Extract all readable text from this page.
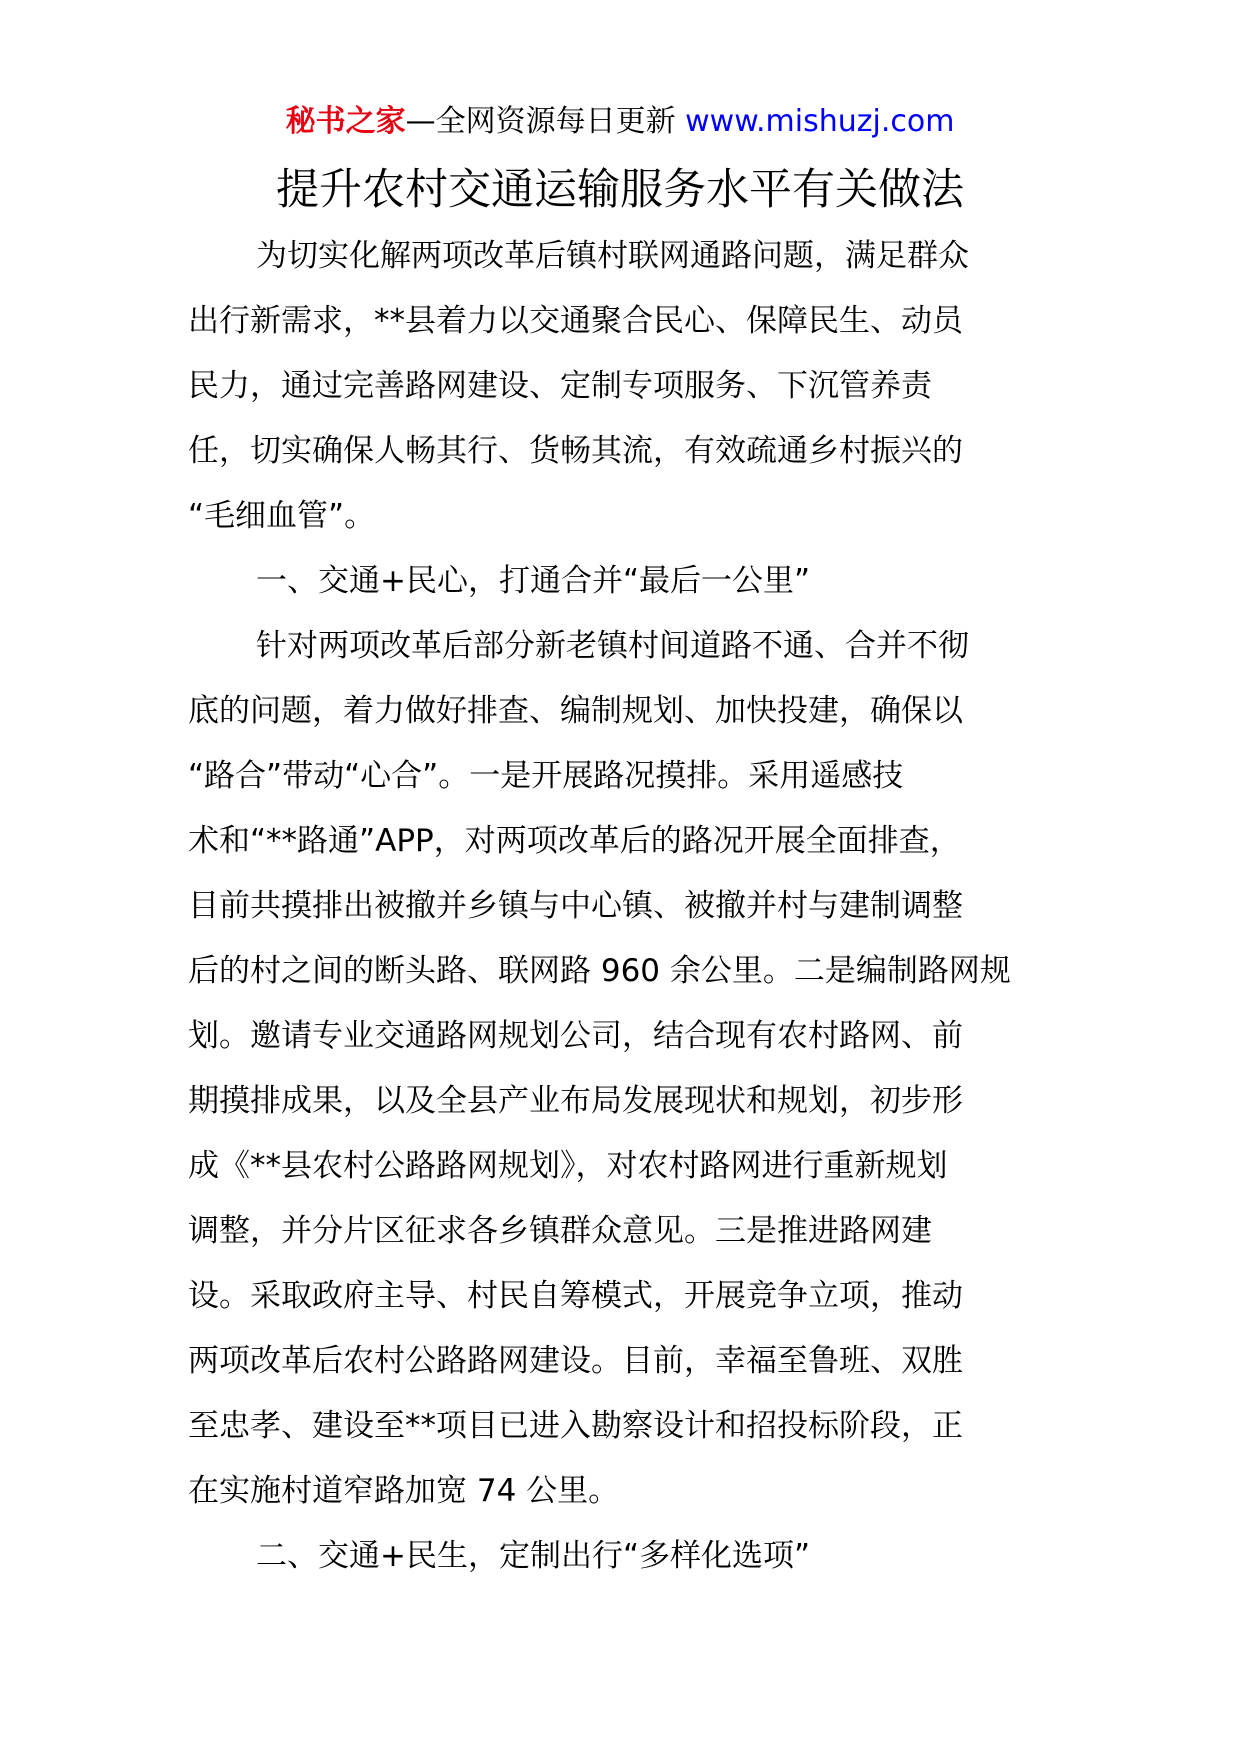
秘书之家—全网资源每日更新 www.mishuzj.com
提升农村交通运输服务水平有关做法
为切实化解两项改革后镇村联网通路问题，满足群众
出行新需求，**县着力以交通聚合民心、保障民生、动员
民力，通过完善路网建设、定制专项服务、下沉管养责
任，切实确保人畅其行、货畅其流，有效疏通乡村振兴的
“毛细血管”。
一、交通+民心，打通合并“最后一公里”
针对两项改革后部分新老镇村间道路不通、合并不彻
底的问题，着力做好排查、编制规划、加快投建，确保以
“路合”带动“心合”。一是开展路况摸排。采用遥感技
术和“**路通”APP，对两项改革后的路况开展全面排查，
目前共摸排出被撤并乡镇与中心镇、被撤并村与建制调整
后的村之间的断头路、联网路 960 余公里。二是编制路网规
划。邀请专业交通路网规划公司，结合现有农村路网、前
期摸排成果，以及全县产业布局发展现状和规划，初步形
成《**县农村公路路网规划》，对农村路网进行重新规划
调整，并分片区征求各乡镇群众意见。三是推进路网建
设。采取政府主导、村民自筹模式，开展竞争立项，推动
两项改革后农村公路路网建设。目前，幸福至鲁班、双胜
至忠孝、建设至**项目已进入勘察设计和招投标阶段，正
在实施村道窄路加宽 74 公里。
二、交通+民生，定制出行“多样化选项”
